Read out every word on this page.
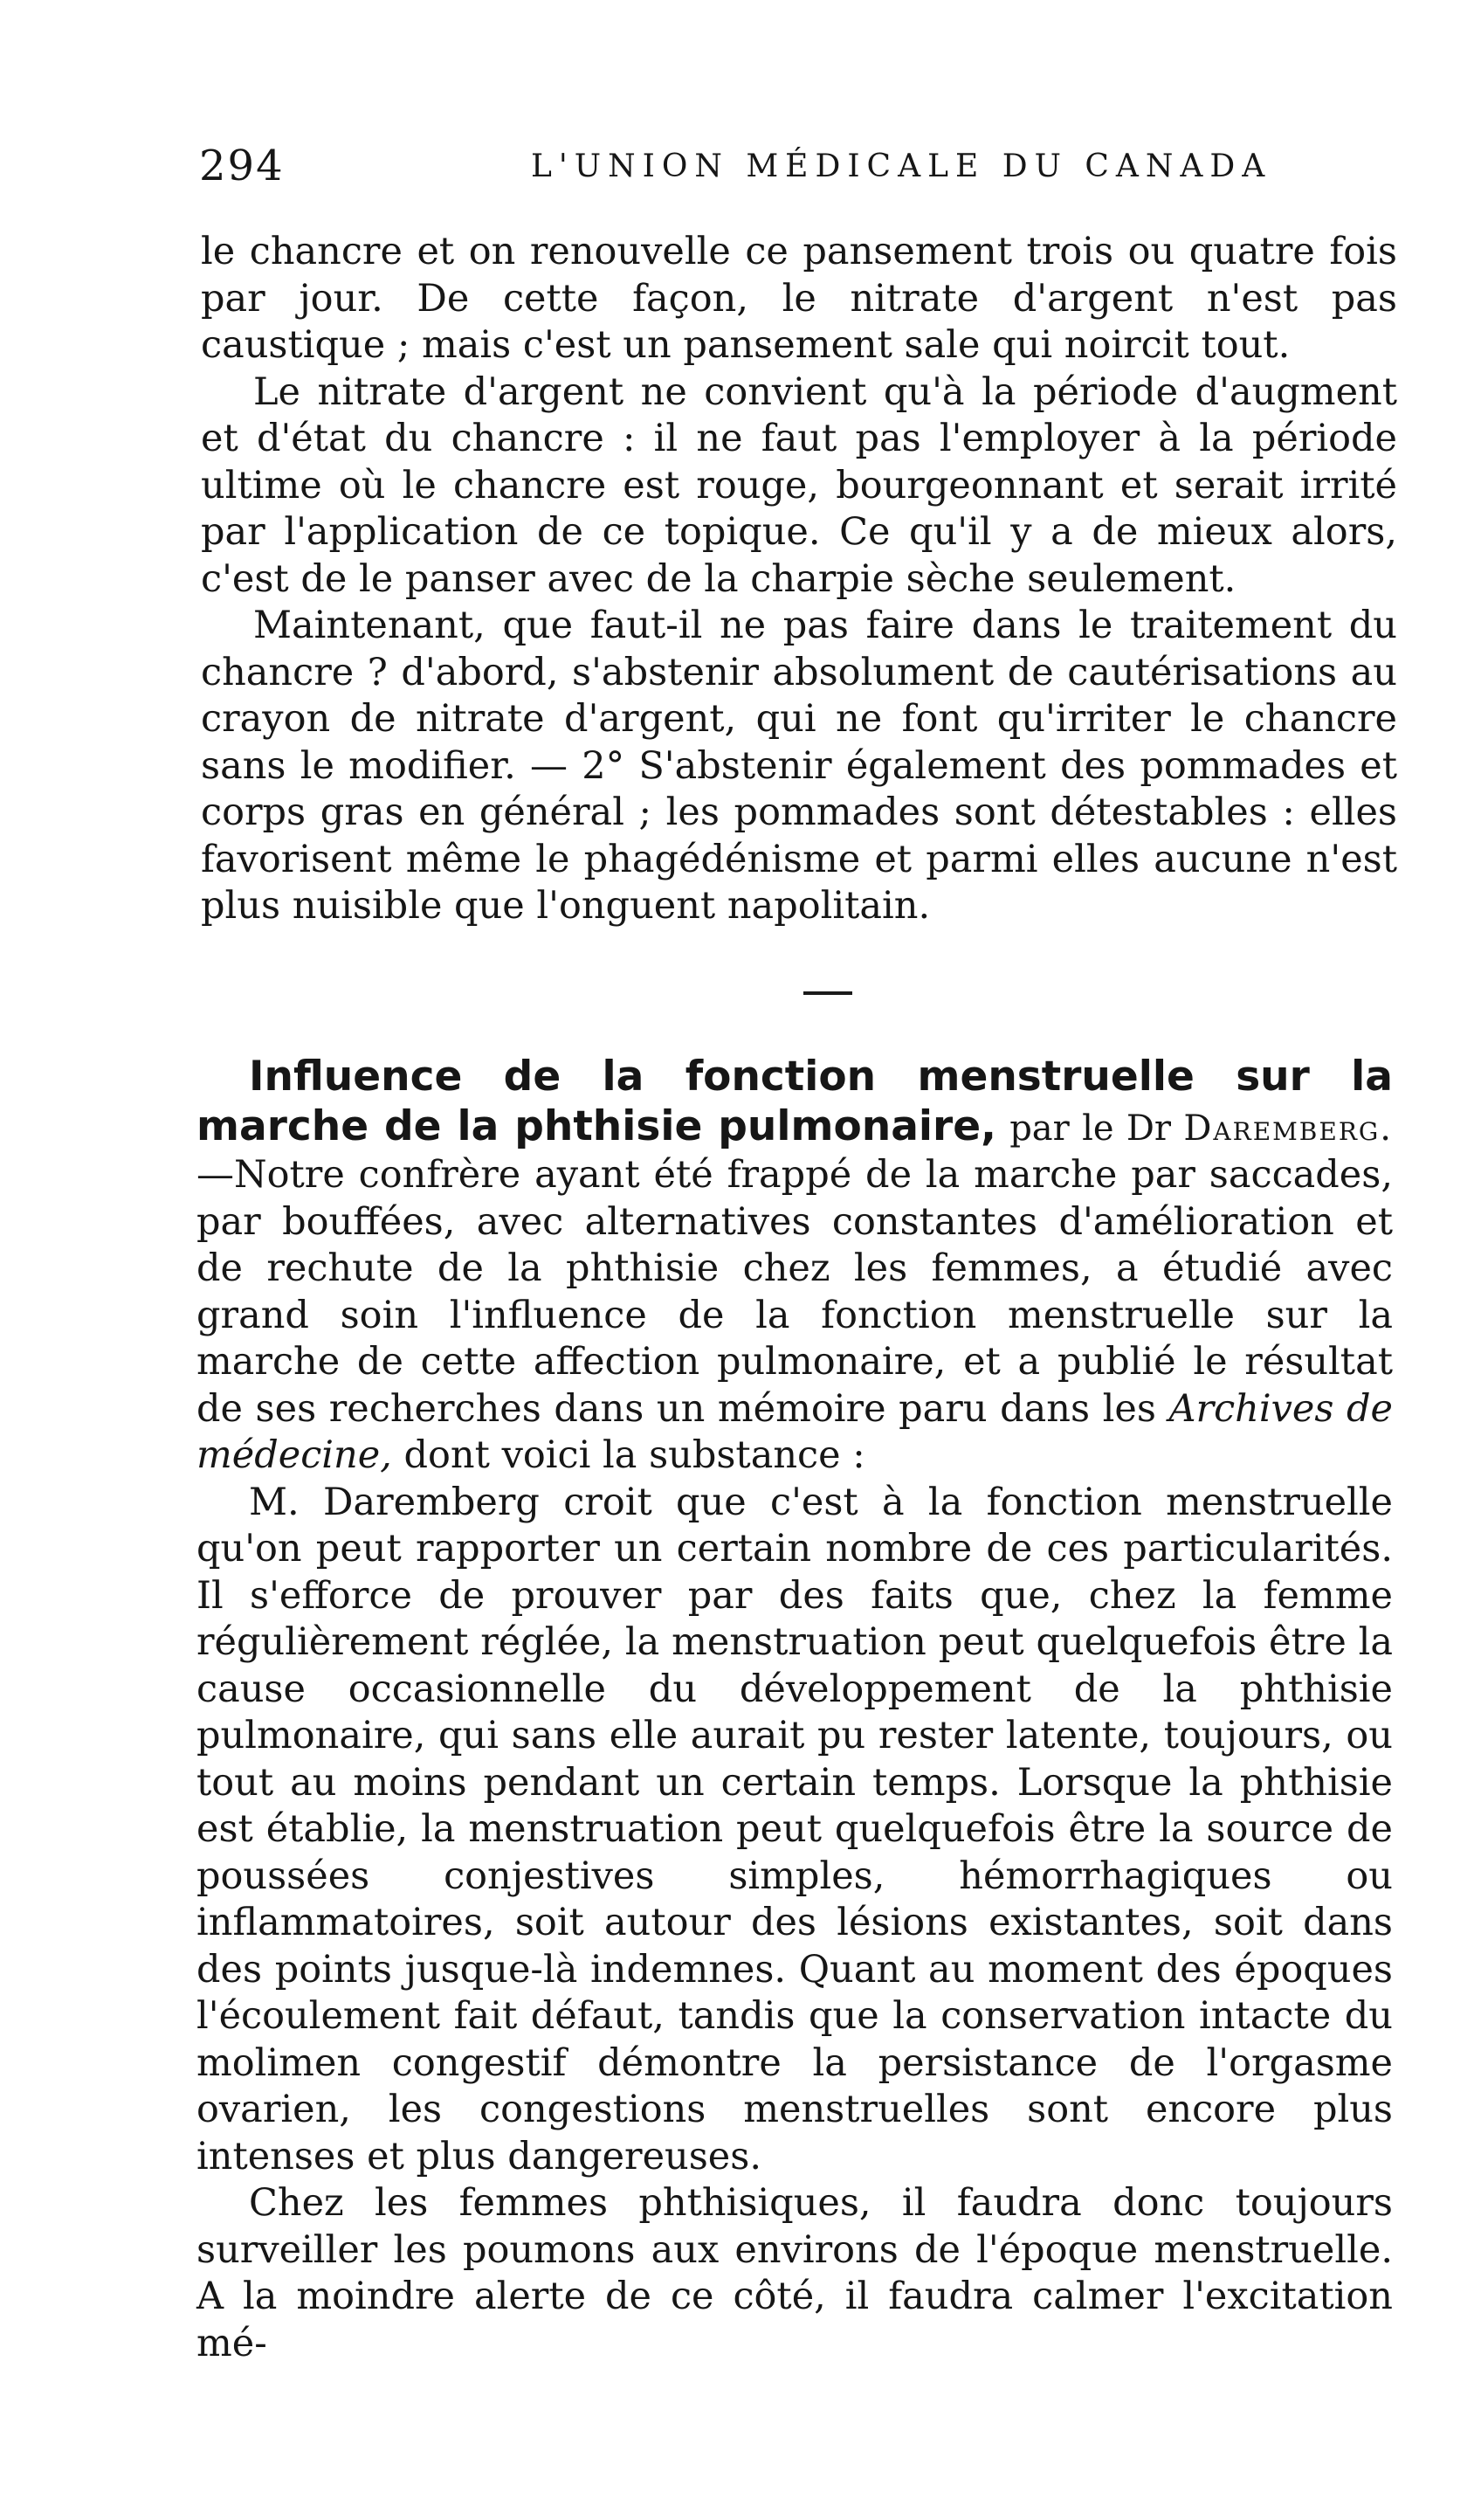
294	L'UNION MÉDICALE DU CANADA

le chancre et on renouvelle ce pansement trois ou quatre fois par jour. De cette façon, le nitrate d'argent n'est pas caustique ; mais c'est un pansement sale qui noircit tout.

Le nitrate d'argent ne convient qu'à la période d'augment et d'état du chancre : il ne faut pas l'employer à la période ultime où le chancre est rouge, bourgeonnant et serait irrité par l'application de ce topique. Ce qu'il y a de mieux alors, c'est de le panser avec de la charpie sèche seulement.

Maintenant, que faut-il ne pas faire dans le traitement du chancre ? d'abord, s'abstenir absolument de cautérisations au crayon de nitrate d'argent, qui ne font qu'irriter le chancre sans le modifier. — 2° S'abstenir également des pommades et corps gras en général ; les pommades sont détestables : elles favorisent même le phagédénisme et parmi elles aucune n'est plus nuisible que l'onguent napolitain.

Influence de la fonction menstruelle sur la marche de la phthisie pulmonaire, par le Dr Daremberg.—Notre confrère ayant été frappé de la marche par saccades, par bouffées, avec alternatives constantes d'amélioration et de rechute de la phthisie chez les femmes, a étudié avec grand soin l'influence de la fonction menstruelle sur la marche de cette affection pulmonaire, et a publié le résultat de ses recherches dans un mémoire paru dans les Archives de médecine, dont voici la substance :

M. Daremberg croit que c'est à la fonction menstruelle qu'on peut rapporter un certain nombre de ces particularités. Il s'efforce de prouver par des faits que, chez la femme régulièrement réglée, la menstruation peut quelquefois être la cause occasionnelle du développement de la phthisie pulmonaire, qui sans elle aurait pu rester latente, toujours, ou tout au moins pendant un certain temps. Lorsque la phthisie est établie, la menstruation peut quelquefois être la source de poussées conjestives simples, hémorrhagiques ou inflammatoires, soit autour des lésions existantes, soit dans des points jusque-là indemnes. Quant au moment des époques l'écoulement fait défaut, tandis que la conservation intacte du molimen congestif démontre la persistance de l'orgasme ovarien, les congestions menstruelles sont encore plus intenses et plus dangereuses.

Chez les femmes phthisiques, il faudra donc toujours surveiller les poumons aux environs de l'époque menstruelle. A la moindre alerte de ce côté, il faudra calmer l'excitation mé-
